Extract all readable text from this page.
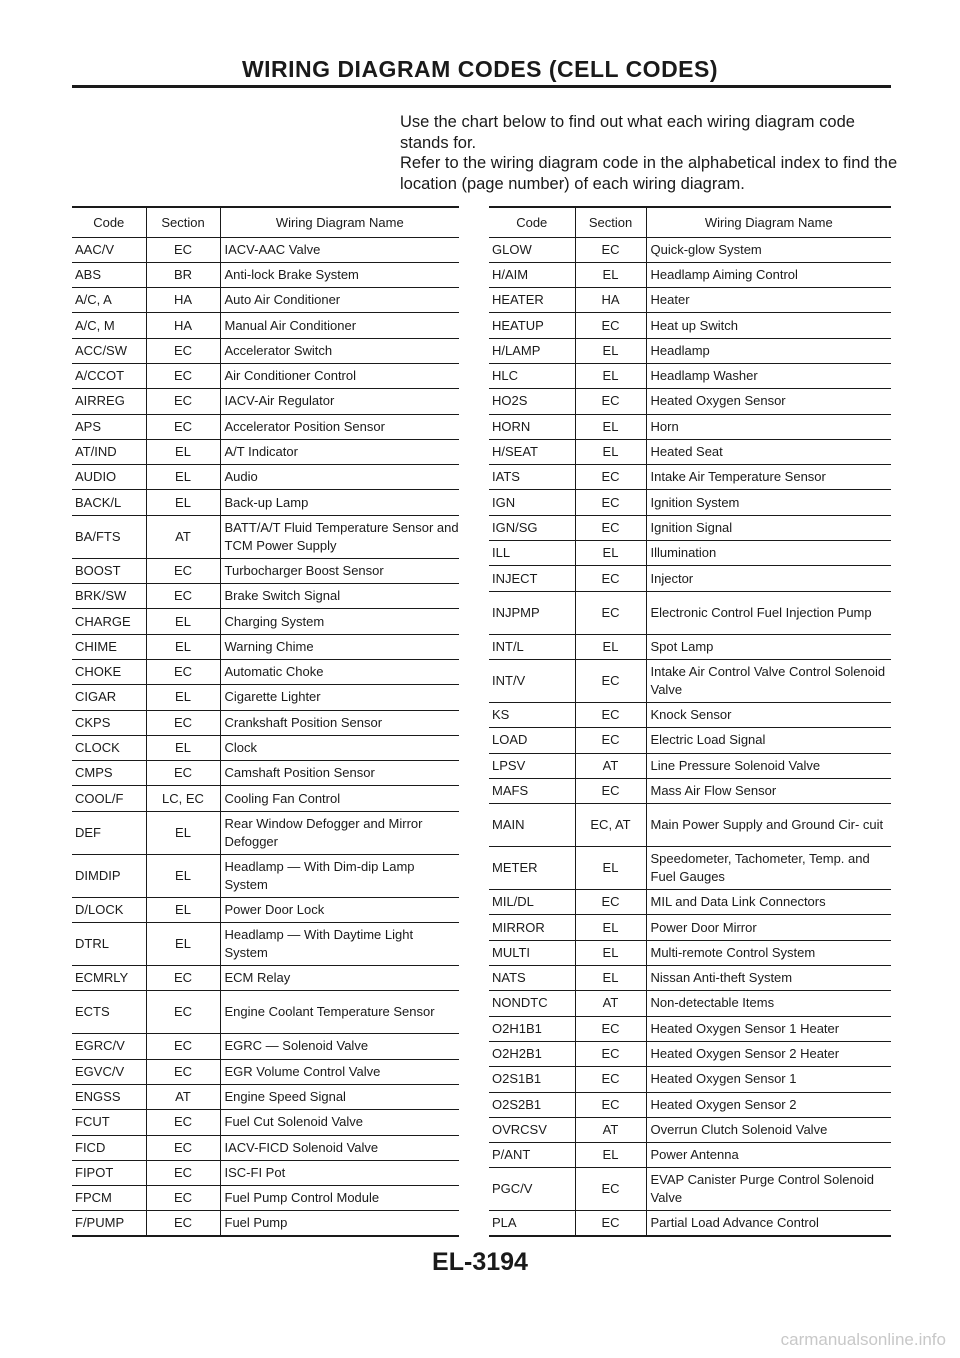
WIRING DIAGRAM CODES (CELL CODES)

Use the chart below to find out what each wiring diagram code stands for.

Refer to the wiring diagram code in the alphabetical index to find the location (page number) of each wiring diagram.

Code	Section	Wiring Diagram Name
AAC/V	EC	IACV-AAC Valve
ABS	BR	Anti-lock Brake System
A/C, A	HA	Auto Air Conditioner
A/C, M	HA	Manual Air Conditioner
ACC/SW	EC	Accelerator Switch
A/CCOT	EC	Air Conditioner Control
AIRREG	EC	IACV-Air Regulator
APS	EC	Accelerator Position Sensor
AT/IND	EL	A/T Indicator
AUDIO	EL	Audio
BACK/L	EL	Back-up Lamp
BA/FTS	AT	BATT/A/T Fluid Temperature Sensor and TCM Power Supply
BOOST	EC	Turbocharger Boost Sensor
BRK/SW	EC	Brake Switch Signal
CHARGE	EL	Charging System
CHIME	EL	Warning Chime
CHOKE	EC	Automatic Choke
CIGAR	EL	Cigarette Lighter
CKPS	EC	Crankshaft Position Sensor
CLOCK	EL	Clock
CMPS	EC	Camshaft Position Sensor
COOL/F	LC, EC	Cooling Fan Control
DEF	EL	Rear Window Defogger and Mirror Defogger
DIMDIP	EL	Headlamp — With Dim-dip Lamp System
D/LOCK	EL	Power Door Lock
DTRL	EL	Headlamp — With Daytime Light System
ECMRLY	EC	ECM Relay
ECTS	EC	Engine Coolant Temperature Sensor
EGRC/V	EC	EGRC — Solenoid Valve
EGVC/V	EC	EGR Volume Control Valve
ENGSS	AT	Engine Speed Signal
FCUT	EC	Fuel Cut Solenoid Valve
FICD	EC	IACV-FICD Solenoid Valve
FIPOT	EC	ISC-FI Pot
FPCM	EC	Fuel Pump Control Module
F/PUMP	EC	Fuel Pump
Code	Section	Wiring Diagram Name
GLOW	EC	Quick-glow System
H/AIM	EL	Headlamp Aiming Control
HEATER	HA	Heater
HEATUP	EC	Heat up Switch
H/LAMP	EL	Headlamp
HLC	EL	Headlamp Washer
HO2S	EC	Heated Oxygen Sensor
HORN	EL	Horn
H/SEAT	EL	Heated Seat
IATS	EC	Intake Air Temperature Sensor
IGN	EC	Ignition System
IGN/SG	EC	Ignition Signal
ILL	EL	Illumination
INJECT	EC	Injector
INJPMP	EC	Electronic Control Fuel Injection Pump
INT/L	EL	Spot Lamp
INT/V	EC	Intake Air Control Valve Control Solenoid Valve
KS	EC	Knock Sensor
LOAD	EC	Electric Load Signal
LPSV	AT	Line Pressure Solenoid Valve
MAFS	EC	Mass Air Flow Sensor
MAIN	EC, AT	Main Power Supply and Ground Cir- cuit
METER	EL	Speedometer, Tachometer, Temp. and Fuel Gauges
MIL/DL	EC	MIL and Data Link Connectors
MIRROR	EL	Power Door Mirror
MULTI	EL	Multi-remote Control System
NATS	EL	Nissan Anti-theft System
NONDTC	AT	Non-detectable Items
O2H1B1	EC	Heated Oxygen Sensor 1 Heater
O2H2B1	EC	Heated Oxygen Sensor 2 Heater
O2S1B1	EC	Heated Oxygen Sensor 1
O2S2B1	EC	Heated Oxygen Sensor 2
OVRCSV	AT	Overrun Clutch Solenoid Valve
P/ANT	EL	Power Antenna
PGC/V	EC	EVAP Canister Purge Control Solenoid Valve
PLA	EC	Partial Load Advance Control
EL-3194
carmanualsonline.info
